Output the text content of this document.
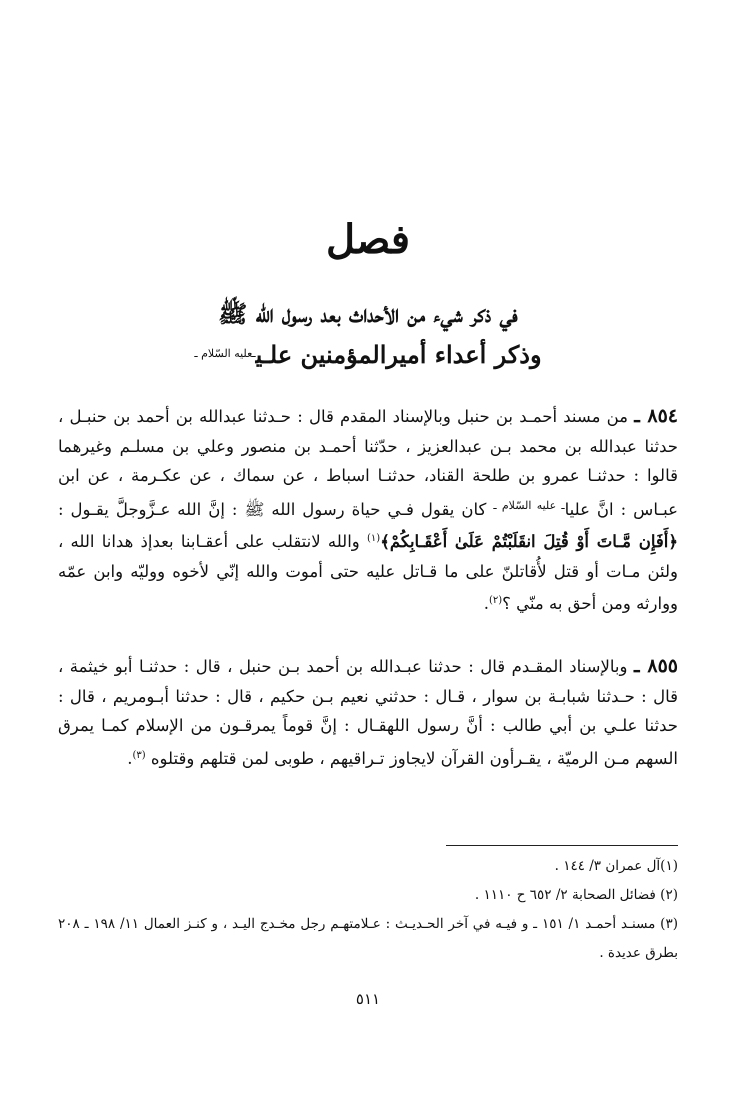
فصل
في ذكر شيء من الأحداث بعد رسول الله ﷺ
وذكر أعداء أميرالمؤمنين علـي$^{ـعليه السّلام ـ}$
٨٥٤ ـ من مسند أحمـد بن حنبل وبالإسناد المقدم قال : حـدثنا عبدالله بن أحمد بن حنبـل ، حدثنا عبدالله بن محمد بـن عبدالعزيز ، حدّثنا أحمـد بن منصور وعلي بن مسلـم وغيرهما قالوا : حدثنـا عمرو بن طلحة القناد، حدثنـا اسباط ، عن سماك ، عن عكـرمة ، عن ابن عبـاس : انَّ عليا$^{ـ عليه السّلام ـ}$ كان يقول فـي حياة رسول الله ﷺ : إنَّ الله عـزَّوجلَّ يقـول : ﴿أَفَإِن مَّـاتَ أَوْ قُتِلَ انقَلَبْتُمْ عَلَىٰ أَعْقَـابِكُمْ﴾$^{(١)}$ والله لانتقلب على أعقـابنا بعدإذ هدانا الله ، ولئن مـات أو قتل لأُقاتلنّ على ما قـاتل عليه حتى أموت والله إنّي لأخوه ووليّه وابن عمّه ووارثه ومن أحق به منّي ؟$^{(٢)}$.
٨٥٥ ـ وبالإسناد المقـدم قال : حدثنا عبـدالله بن أحمد بـن حنبل ، قال : حدثنـا أبو خيثمة ، قال : حـدثنا شبابـة بن سوار ، قـال : حدثني نعيم بـن حكيم ، قال : حدثنا أبـومريم ، قال : حدثنا علـي بن أبي طالب : أنَّ رسول اللهقـال : إنَّ قوماً يمرقـون من الإسلام كمـا يمرق السهم مـن الرميّة ، يقـرأون القرآن لايجاوز تـراقيهم ، طوبى لمن قتلهم وقتلوه $^{(٣)}$.
(١)آل عمران ٣/ ١٤٤ .
(٢) فضائل الصحابة ٢/ ٦٥٢ ح ١١١٠ .
(٣) مسنـد أحمـد ١/ ١٥١ ـ و فيـه في آخر الحـديـث : عـلامتهـم رجل مخـدج اليـد ، و كنـز العمال ١١/ ١٩٨ ـ ٢٠٨ بطرق عديدة .
٥١١
